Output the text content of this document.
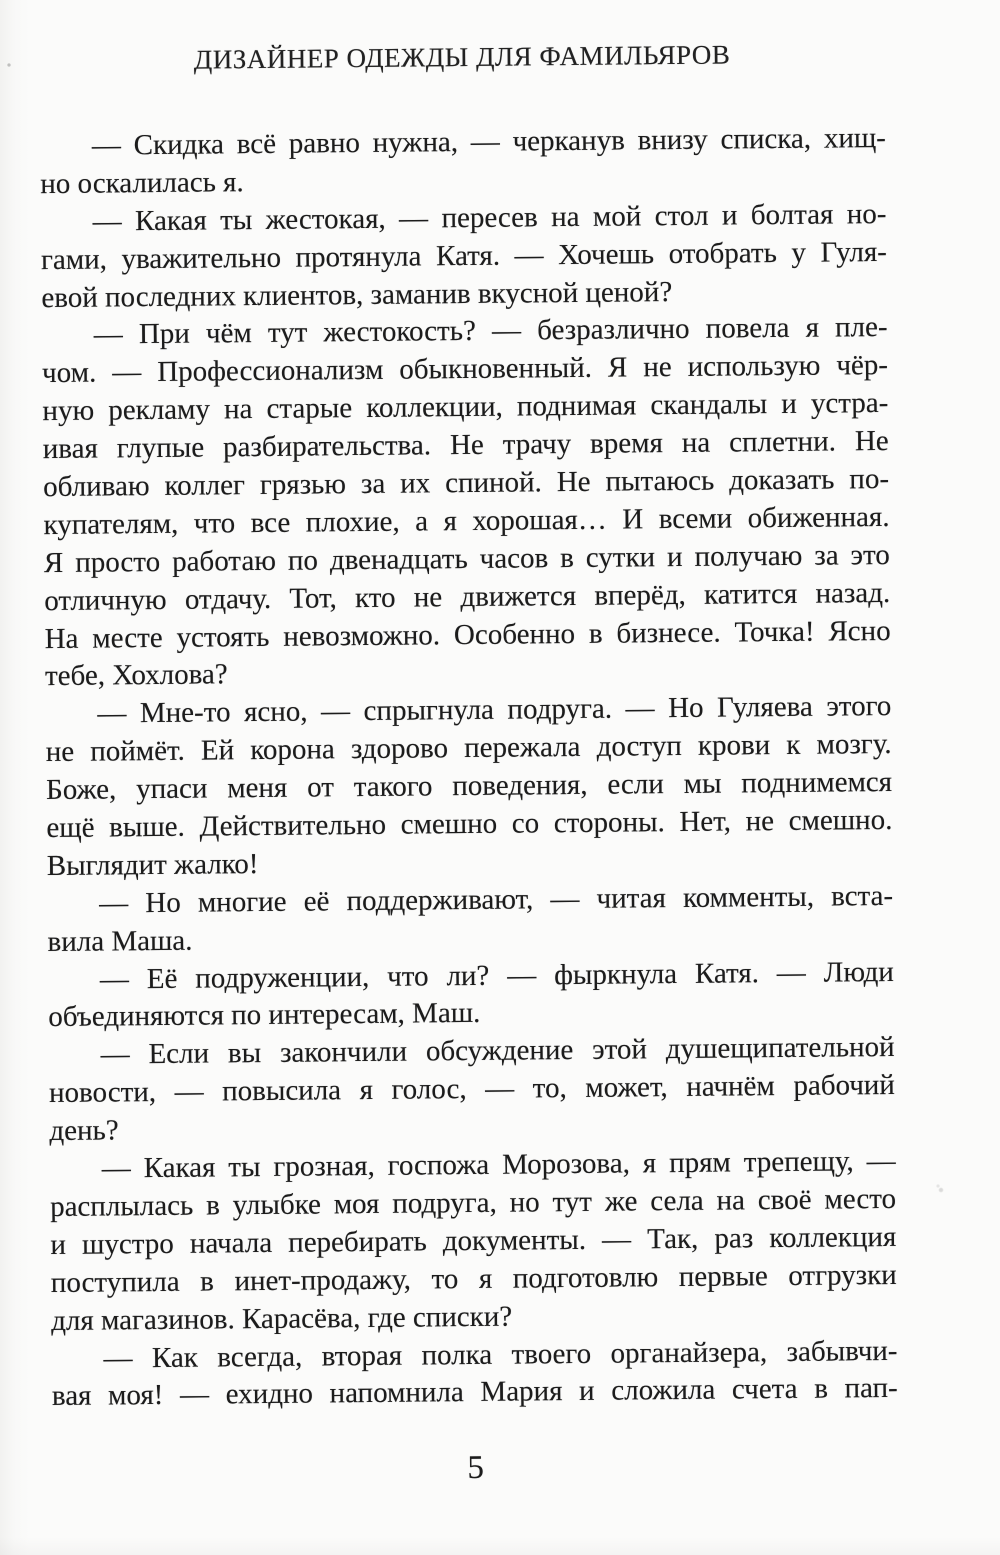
ДИЗАЙНЕР ОДЕЖДЫ ДЛЯ ФАМИЛЬЯРОВ
— Скидка всё равно нужна, — черканув внизу списка, хищ-
но оскалилась я.
— Какая ты жестокая, — пересев на мой стол и болтая но-
гами, уважительно протянула Катя. — Хочешь отобрать у Гуля-
евой последних клиентов, заманив вкусной ценой?
— При чём тут жестокость? — безразлично повела я пле-
чом. — Профессионализм обыкновенный. Я не использую чёр-
ную рекламу на старые коллекции, поднимая скандалы и устра-
ивая глупые разбирательства. Не трачу время на сплетни. Не
обливаю коллег грязью за их спиной. Не пытаюсь доказать по-
купателям, что все плохие, а я хорошая… И всеми обиженная.
Я просто работаю по двенадцать часов в сутки и получаю за это
отличную отдачу. Тот, кто не движется вперёд, катится назад.
На месте устоять невозможно. Особенно в бизнесе. Точка! Ясно
тебе, Хохлова?
— Мне-то ясно, — спрыгнула подруга. — Но Гуляева этого
не поймёт. Ей корона здорово пережала доступ крови к мозгу.
Боже, упаси меня от такого поведения, если мы поднимемся
ещё выше. Действительно смешно со стороны. Нет, не смешно.
Выглядит жалко!
— Но многие её поддерживают, — читая комменты, вста-
вила Маша.
— Её подруженции, что ли? — фыркнула Катя. — Люди
объединяются по интересам, Маш.
— Если вы закончили обсуждение этой душещипательной
новости, — повысила я голос, — то, может, начнём рабочий
день?
— Какая ты грозная, госпожа Морозова, я прям трепещу, —
расплылась в улыбке моя подруга, но тут же села на своё место
и шустро начала перебирать документы. — Так, раз коллекция
поступила в инет-продажу, то я подготовлю первые отгрузки
для магазинов. Карасёва, где списки?
— Как всегда, вторая полка твоего органайзера, забывчи-
вая моя! — ехидно напомнила Мария и сложила счета в пап-
5
